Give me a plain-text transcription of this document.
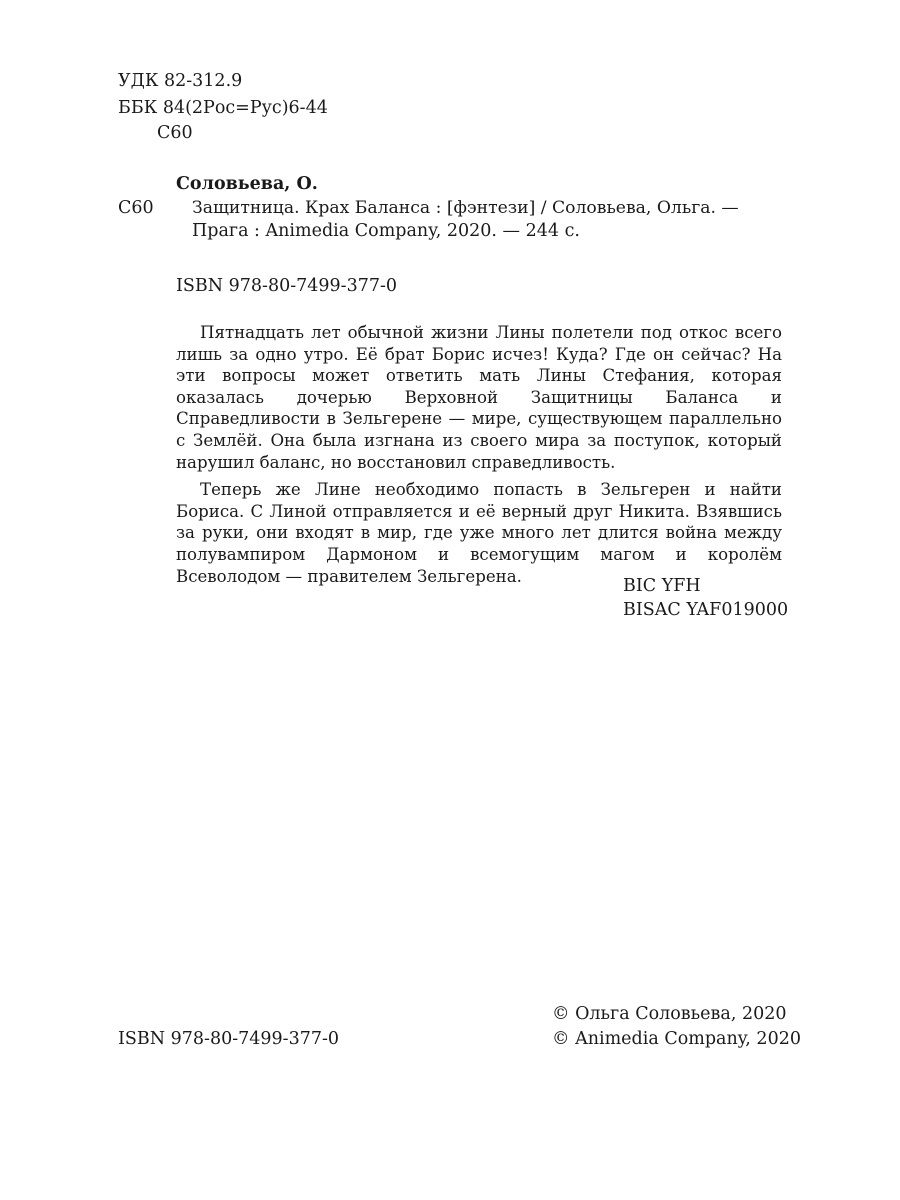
УДК 82-312.9
ББК 84(2Рос=Рус)6-44
С60
Соловьева, О.
С60 Защитница. Крах Баланса : [фэнтези] / Соловьева, Ольга. —
Прага : Animedia Company, 2020. — 244 с.
ISBN 978-80-7499-377-0

Пятнадцать лет обычной жизни Лины полетели под откос всего лишь за одно утро. Её брат Борис исчез! Куда? Где он сейчас? На эти вопросы может ответить мать Лины Стефания, которая оказалась дочерью Верховной Защитницы Баланса и Справедливости в Зельгерене — мире, существующем параллельно с Землёй. Она была изгнана из своего мира за поступок, который нарушил баланс, но восстановил справедливость.

Теперь же Лине необходимо попасть в Зельгерен и найти Бориса. С Линой отправляется и её верный друг Никита. Взявшись за руки, они входят в мир, где уже много лет длится война между полувампиром Дармоном и всемогущим магом и королём Всеволодом — правителем Зельгерена.	BIC YFH
BISAC YAF019000
© Ольга Соловьева, 2020
ISBN 978-80-7499-377-0	© Animedia Company, 2020
